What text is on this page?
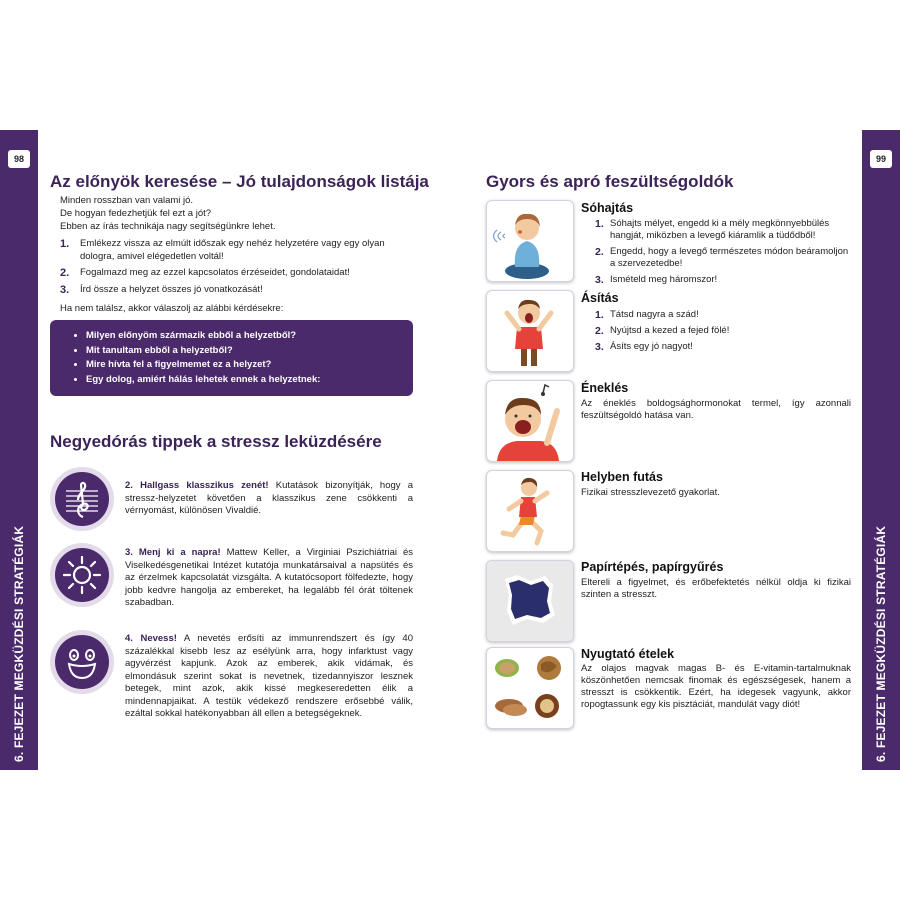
6. FEJEZET MEGKÜZDÉSI STRATÉGIÁK	6. FEJEZET MEGKÜZDÉSI STRATÉGIÁK
98	99
Az előnyök keresése – Jó tulajdonságok listája
Minden rosszban van valami jó.
De hogyan fedezhetjük fel ezt a jót?
Ebben az írás technikája nagy segítségünkre lehet.
1. Emlékezz vissza az elmúlt időszak egy nehéz helyzetére vagy egy olyan dologra, amivel elégedetlen voltál!
2. Fogalmazd meg az ezzel kapcsolatos érzéseidet, gondolataidat!
3. Írd össze a helyzet összes jó vonatkozását!
Ha nem találsz, akkor válaszolj az alábbi kérdésekre:
• Milyen előnyöm származik ebből a helyzetből?
• Mit tanultam ebből a helyzetből?
• Mire hívta fel a figyelmemet ez a helyzet?
• Egy dolog, amiért hálás lehetek ennek a helyzetnek:
Negyedórás tippek a stressz leküzdésére
2. Hallgass klasszikus zenét! Kutatások bizonyítják, hogy a stressz-helyzetet követően a klasszikus zene csökkenti a vérnyomást, különösen Vivaldié.
3. Menj ki a napra! Mattew Keller, a Virginiai Pszichiátriai és Viselkedésgenetikai Intézet kutatója munkatársaival a napsütés és az érzelmek kapcsolatát vizsgálta. A kutatócsoport fölfedezte, hogy jobb kedvre hangolja az embereket, ha legalább fél órát töltenek szabadban.
4. Nevess! A nevetés erősíti az immunrendszert és így 40 százalékkal kisebb lesz az esélyünk arra, hogy infarktust vagy agyvérzést kapjunk. Azok az emberek, akik vidámak, és elmondásuk szerint sokat is nevetnek, tizedannyiszor lesznek betegek, mint azok, akik kissé megkeseredetten élik a mindennapjaikat. A testük védekező rendszere erősebbé válik, ezáltal sokkal hatékonyabban áll ellen a betegségeknek.
Gyors és apró feszültségoldók
Sóhajtás
1. Sóhajts mélyet, engedd ki a mély megkönnyebbülés hangját, miközben a levegő kiáramlik a tüdődből!
2. Engedd, hogy a levegő természetes módon beáramoljon a szervezetedbe!
3. Ismételd meg háromszor!
Ásítás
1. Tátsd nagyra a szád!
2. Nyújtsd a kezed a fejed fölé!
3. Ásíts egy jó nagyot!
Éneklés
Az éneklés boldogsághormonokat termel, így azonnali feszültségoldó hatása van.
Helyben futás
Fizikai stresszlevezető gyakorlat.
Papírtépés, papírgyűrés
Eltereli a figyelmet, és erőbefektetés nélkül oldja ki fizikai szinten a stresszt.
Nyugtató ételek
Az olajos magvak magas B- és E-vitamin-tartalmuknak köszönhetően nemcsak finomak és egészségesek, hanem a stresszt is csökkentik. Ezért, ha idegesek vagyunk, akkor ropogtassunk egy kis pisztáciát, mandulát vagy diót!
